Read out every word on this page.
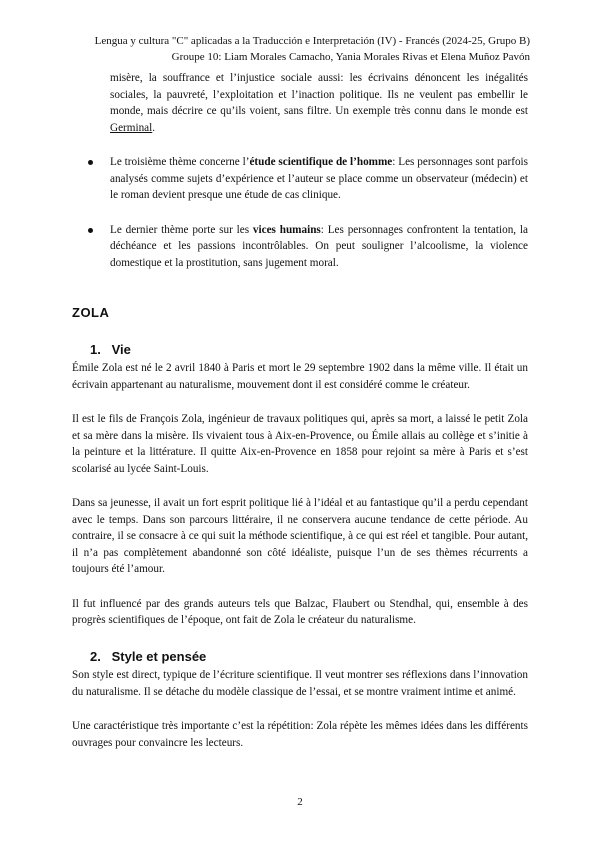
Lengua y cultura "C" aplicadas a la Traducción e Interpretación (IV) - Francés (2024-25, Grupo B)
Groupe 10: Liam Morales Camacho, Yania Morales Rivas et Elena Muñoz Pavón

misère, la souffrance et l’injustice sociale aussi: les écrivains dénoncent les inégalités sociales, la pauvreté, l’exploitation et l’inaction politique. Ils ne veulent pas embellir le monde, mais décrire ce qu’ils voient, sans filtre. Un exemple très connu dans le monde est Germinal.

Le troisième thème concerne l’étude scientifique de l’homme: Les personnages sont parfois analysés comme sujets d’expérience et l’auteur se place comme un observateur (médecin) et le roman devient presque une étude de cas clinique.
Le dernier thème porte sur les vices humains: Les personnages confrontent la tentation, la déchéance et les passions incontrôlables. On peut souligner l’alcoolisme, la violence domestique et la prostitution, sans jugement moral.
ZOLA
1. Vie

Émile Zola est né le 2 avril 1840 à Paris et mort le 29 septembre 1902 dans la même ville. Il était un écrivain appartenant au naturalisme, mouvement dont il est considéré comme le créateur.

Il est le fils de François Zola, ingénieur de travaux politiques qui, après sa mort, a laissé le petit Zola et sa mère dans la misère. Ils vivaient tous à Aix-en-Provence, ou Émile allais au collège et s’initie à la peinture et la littérature. Il quitte Aix-en-Provence en 1858 pour rejoint sa mère à Paris et s’est scolarisé au lycée Saint-Louis.

Dans sa jeunesse, il avait un fort esprit politique lié à l’idéal et au fantastique qu’il a perdu cependant avec le temps. Dans son parcours littéraire, il ne conservera aucune tendance de cette période. Au contraire, il se consacre à ce qui suit la méthode scientifique, à ce qui est réel et tangible. Pour autant, il n’a pas complètement abandonné son côté idéaliste, puisque l’un de ses thèmes récurrents a toujours été l’amour.

Il fut influencé par des grands auteurs tels que Balzac, Flaubert ou Stendhal, qui, ensemble à des progrès scientifiques de l’époque, ont fait de Zola le créateur du naturalisme.

2. Style et pensée

Son style est direct, typique de l’écriture scientifique. Il veut montrer ses réflexions dans l’innovation du naturalisme. Il se détache du modèle classique de l’essai, et se montre vraiment intime et animé.

Une caractéristique très importante c’est la répétition: Zola répète les mêmes idées dans les différents ouvrages pour convaincre les lecteurs.

2
